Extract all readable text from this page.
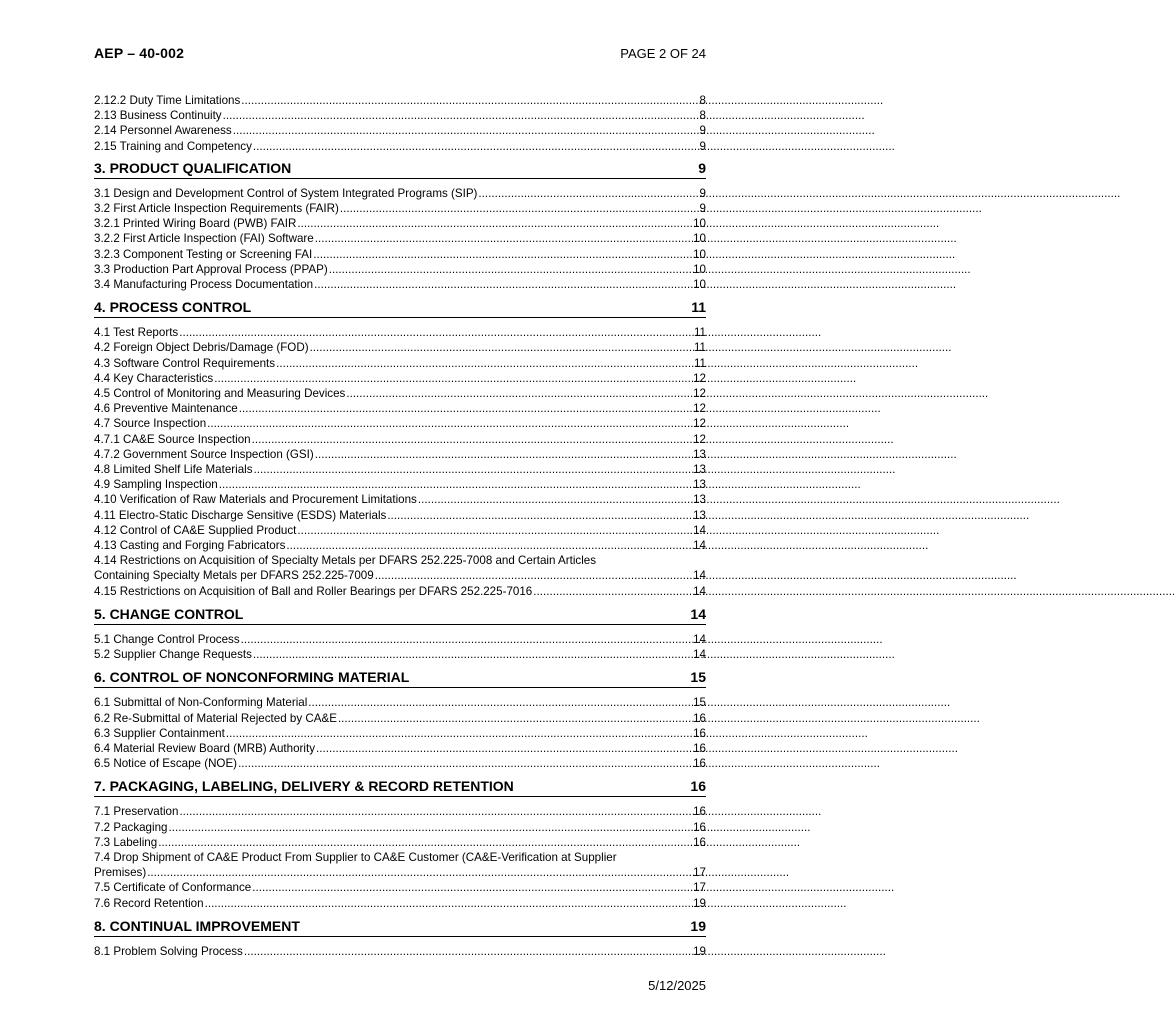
AEP – 40-002	PAGE 2 OF 24
2.12.2 Duty Time Limitations . . .	8
2.13 Business Continuity . . .	8
2.14 Personnel Awareness . . .	9
2.15 Training and Competency . . .	9
3. PRODUCT QUALIFICATION	9
3.1 Design and Development Control of System Integrated Programs (SIP) . . .	9
3.2 First Article Inspection Requirements (FAIR) . . .	9
3.2.1 Printed Wiring Board (PWB) FAIR . . .	10
3.2.2 First Article Inspection (FAI) Software . . .	10
3.2.3 Component Testing or Screening FAI . . .	10
3.3 Production Part Approval Process (PPAP) . . .	10
3.4 Manufacturing Process Documentation . . .	10
4. PROCESS CONTROL	11
4.1 Test Reports . . .	11
4.2 Foreign Object Debris/Damage (FOD) . . .	11
4.3 Software Control Requirements . . .	11
4.4 Key Characteristics . . .	12
4.5 Control of Monitoring and Measuring Devices . . .	12
4.6 Preventive Maintenance . . .	12
4.7 Source Inspection . . .	12
4.7.1 CA&E Source Inspection . . .	12
4.7.2 Government Source Inspection (GSI) . . .	13
4.8 Limited Shelf Life Materials . . .	13
4.9 Sampling Inspection . . .	13
4.10 Verification of Raw Materials and Procurement Limitations . . .	13
4.11 Electro-Static Discharge Sensitive (ESDS) Materials . . .	13
4.12 Control of CA&E Supplied Product . . .	14
4.13 Casting and Forging Fabricators . . .	14
4.14 Restrictions on Acquisition of Specialty Metals per DFARS 252.225-7008 and Certain Articles
Containing Specialty Metals per DFARS 252.225-7009 . . .	14
4.15 Restrictions on Acquisition of Ball and Roller Bearings per DFARS 252.225-7016 . . .	14
5. CHANGE CONTROL	14
5.1 Change Control Process . . .	14
5.2 Supplier Change Requests . . .	14
6. CONTROL OF NONCONFORMING MATERIAL	15
6.1 Submittal of Non-Conforming Material . . .	15
6.2 Re-Submittal of Material Rejected by CA&E . . .	16
6.3 Supplier Containment . . .	16
6.4 Material Review Board (MRB) Authority . . .	16
6.5 Notice of Escape (NOE) . . .	16
7. PACKAGING, LABELING, DELIVERY & RECORD RETENTION	16
7.1 Preservation . . .	16
7.2 Packaging . . .	16
7.3 Labeling . . .	16
7.4 Drop Shipment of CA&E Product From Supplier to CA&E Customer (CA&E-Verification at Supplier
Premises) . . .	17
7.5 Certificate of Conformance . . .	17
7.6 Record Retention . . .	19
8. CONTINUAL IMPROVEMENT	19
8.1 Problem Solving Process . . .	19
5/12/2025
